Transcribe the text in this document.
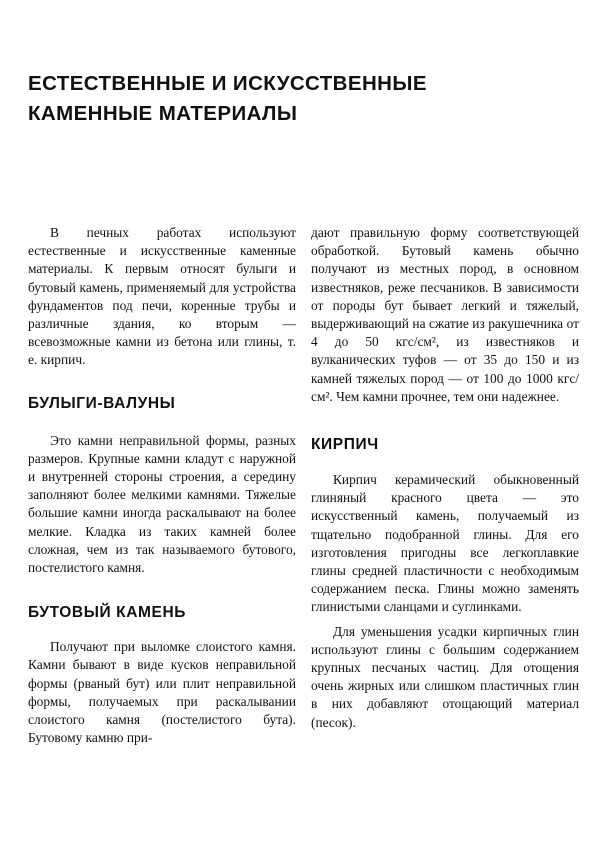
ЕСТЕСТВЕННЫЕ И ИСКУССТВЕННЫЕ
КАМЕННЫЕ МАТЕРИАЛЫ

В печных работах используют естественные и искусственные каменные материалы. К первым относят булыги и бутовый камень, применяемый для устройства фундаментов под печи, коренные трубы и различные здания, ко вторым — всевозможные камни из бетона или глины, т. е. кирпич.

БУЛЫГИ-ВАЛУНЫ

Это камни неправильной формы, разных размеров. Крупные камни кладут с наружной и внутренней стороны строения, а середину заполняют более мелкими камнями. Тяжелые большие камни иногда раскалывают на более мелкие. Кладка из таких камней более сложная, чем из так называемого бутового, постелистого камня.

БУТОВЫЙ КАМЕНЬ

Получают при выломке слоистого камня. Камни бывают в виде кусков неправильной формы (рваный бут) или плит неправильной формы, получаемых при раскалывании слоистого камня (постелистого бута). Бутовому камню при-

дают правильную форму соответствующей обработкой. Бутовый камень обычно получают из местных пород, в основном известняков, реже песчаников. В зависимости от породы бут бывает легкий и тяжелый, выдерживающий на сжатие из ракушечника от 4 до 50 кгс/см², из известняков и вулканических туфов — от 35 до 150 и из камней тяжелых пород — от 100 до 1000 кгс/см². Чем камни прочнее, тем они надежнее.

КИРПИЧ

Кирпич керамический обыкновенный глиняный красного цвета — это искусственный камень, получаемый из тщательно подобранной глины. Для его изготовления пригодны все легкоплавкие глины средней пластичности с необходимым содержанием песка. Глины можно заменять глинистыми сланцами и суглинками.

Для уменьшения усадки кирпичных глин используют глины с большим содержанием крупных песчаных частиц. Для отощения очень жирных или слишком пластичных глин в них добавляют отощающий материал (песок).
